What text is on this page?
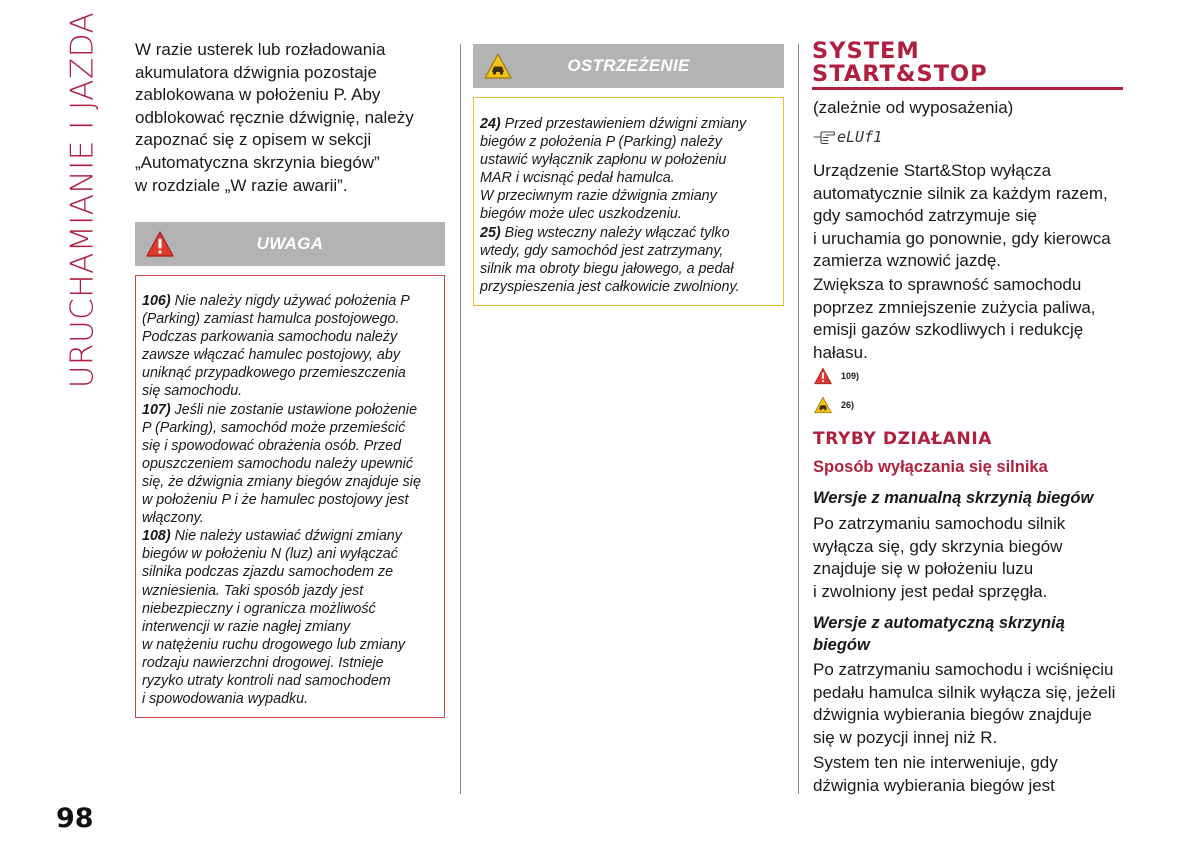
URUCHAMIANIE I JAZDA
98

W razie usterek lub rozładowania
akumulatora dźwignia pozostaje
zablokowana w położeniu P. Aby
odblokować ręcznie dźwignię, należy
zapoznać się z opisem w sekcji
„Automatyczna skrzynia biegów”
w rozdziale „W razie awarii”.

UWAGA

106) Nie należy nigdy używać położenia P
(Parking) zamiast hamulca postojowego.
Podczas parkowania samochodu należy
zawsze włączać hamulec postojowy, aby
uniknąć przypadkowego przemieszczenia
się samochodu.

107) Jeśli nie zostanie ustawione położenie
P (Parking), samochód może przemieścić
się i spowodować obrażenia osób. Przed
opuszczeniem samochodu należy upewnić
się, że dźwignia zmiany biegów znajduje się
w położeniu P i że hamulec postojowy jest
włączony.

108) Nie należy ustawiać dźwigni zmiany
biegów w położeniu N (luz) ani wyłączać
silnika podczas zjazdu samochodem ze
wzniesienia. Taki sposób jazdy jest
niebezpieczny i ogranicza możliwość
interwencji w razie nagłej zmiany
w natężeniu ruchu drogowego lub zmiany
rodzaju nawierzchni drogowej. Istnieje
ryzyko utraty kontroli nad samochodem
i spowodowania wypadku.

OSTRZEŻENIE

24) Przed przestawieniem dźwigni zmiany
biegów z położenia P (Parking) należy
ustawić wyłącznik zapłonu w położeniu
MAR i wcisnąć pedał hamulca.
W przeciwnym razie dźwignia zmiany
biegów może ulec uszkodzeniu.

25) Bieg wsteczny należy włączać tylko
wtedy, gdy samochód jest zatrzymany,
silnik ma obroty biegu jałowego, a pedał
przyspieszenia jest całkowicie zwolniony.

SYSTEM
START&STOP
(zależnie od wyposażenia)
eLUf1

Urządzenie Start&Stop wyłącza
automatycznie silnik za każdym razem,
gdy samochód zatrzymuje się
i uruchamia go ponownie, gdy kierowca
zamierza wznowić jazdę.

Zwiększa to sprawność samochodu
poprzez zmniejszenie zużycia paliwa,
emisji gazów szkodliwych i redukcję
hałasu.

109)
26)
TRYBY DZIAŁANIA
Sposób wyłączania się silnika

Wersje z manualną skrzynią biegów

Po zatrzymaniu samochodu silnik
wyłącza się, gdy skrzynia biegów
znajduje się w położeniu luzu
i zwolniony jest pedał sprzęgła.

Wersje z automatyczną skrzynią
biegów

Po zatrzymaniu samochodu i wciśnięciu
pedału hamulca silnik wyłącza się, jeżeli
dźwignia wybierania biegów znajduje
się w pozycji innej niż R.

System ten nie interweniuje, gdy
dźwignia wybierania biegów jest
